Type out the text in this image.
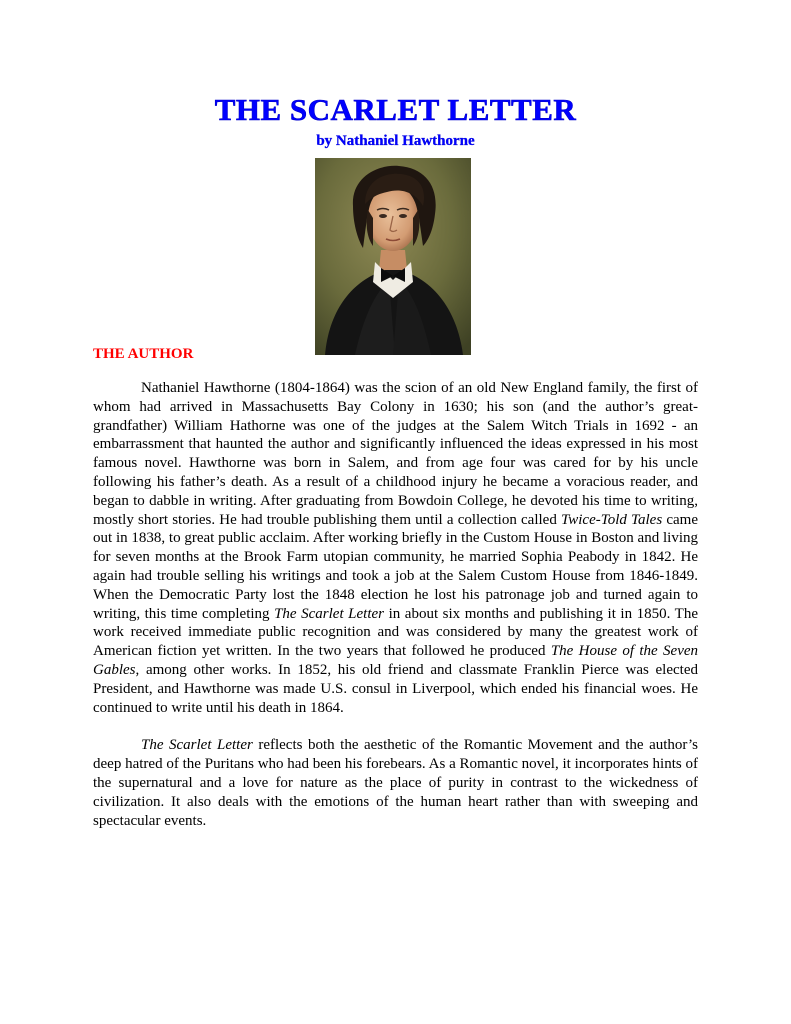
THE SCARLET LETTER
by Nathaniel Hawthorne
THE AUTHOR

Nathaniel Hawthorne (1804-1864) was the scion of an old New England family, the first of whom had arrived in Massachusetts Bay Colony in 1630; his son (and the author’s great-grandfather) William Hathorne was one of the judges at the Salem Witch Trials in 1692 - an embarrassment that haunted the author and significantly influenced the ideas expressed in his most famous novel. Hawthorne was born in Salem, and from age four was cared for by his uncle following his father’s death. As a result of a childhood injury he became a voracious reader, and began to dabble in writing. After graduating from Bowdoin College, he devoted his time to writing, mostly short stories. He had trouble publishing them until a collection called Twice-Told Tales came out in 1838, to great public acclaim. After working briefly in the Custom House in Boston and living for seven months at the Brook Farm utopian community, he married Sophia Peabody in 1842. He again had trouble selling his writings and took a job at the Salem Custom House from 1846-1849. When the Democratic Party lost the 1848 election he lost his patronage job and turned again to writing, this time completing The Scarlet Letter in about six months and publishing it in 1850. The work received immediate public recognition and was considered by many the greatest work of American fiction yet written. In the two years that followed he produced The House of the Seven Gables, among other works. In 1852, his old friend and classmate Franklin Pierce was elected President, and Hawthorne was made U.S. consul in Liverpool, which ended his financial woes. He continued to write until his death in 1864.

The Scarlet Letter reflects both the aesthetic of the Romantic Movement and the author’s deep hatred of the Puritans who had been his forebears. As a Romantic novel, it incorporates hints of the supernatural and a love for nature as the place of purity in contrast to the wickedness of civilization. It also deals with the emotions of the human heart rather than with sweeping and spectacular events.
